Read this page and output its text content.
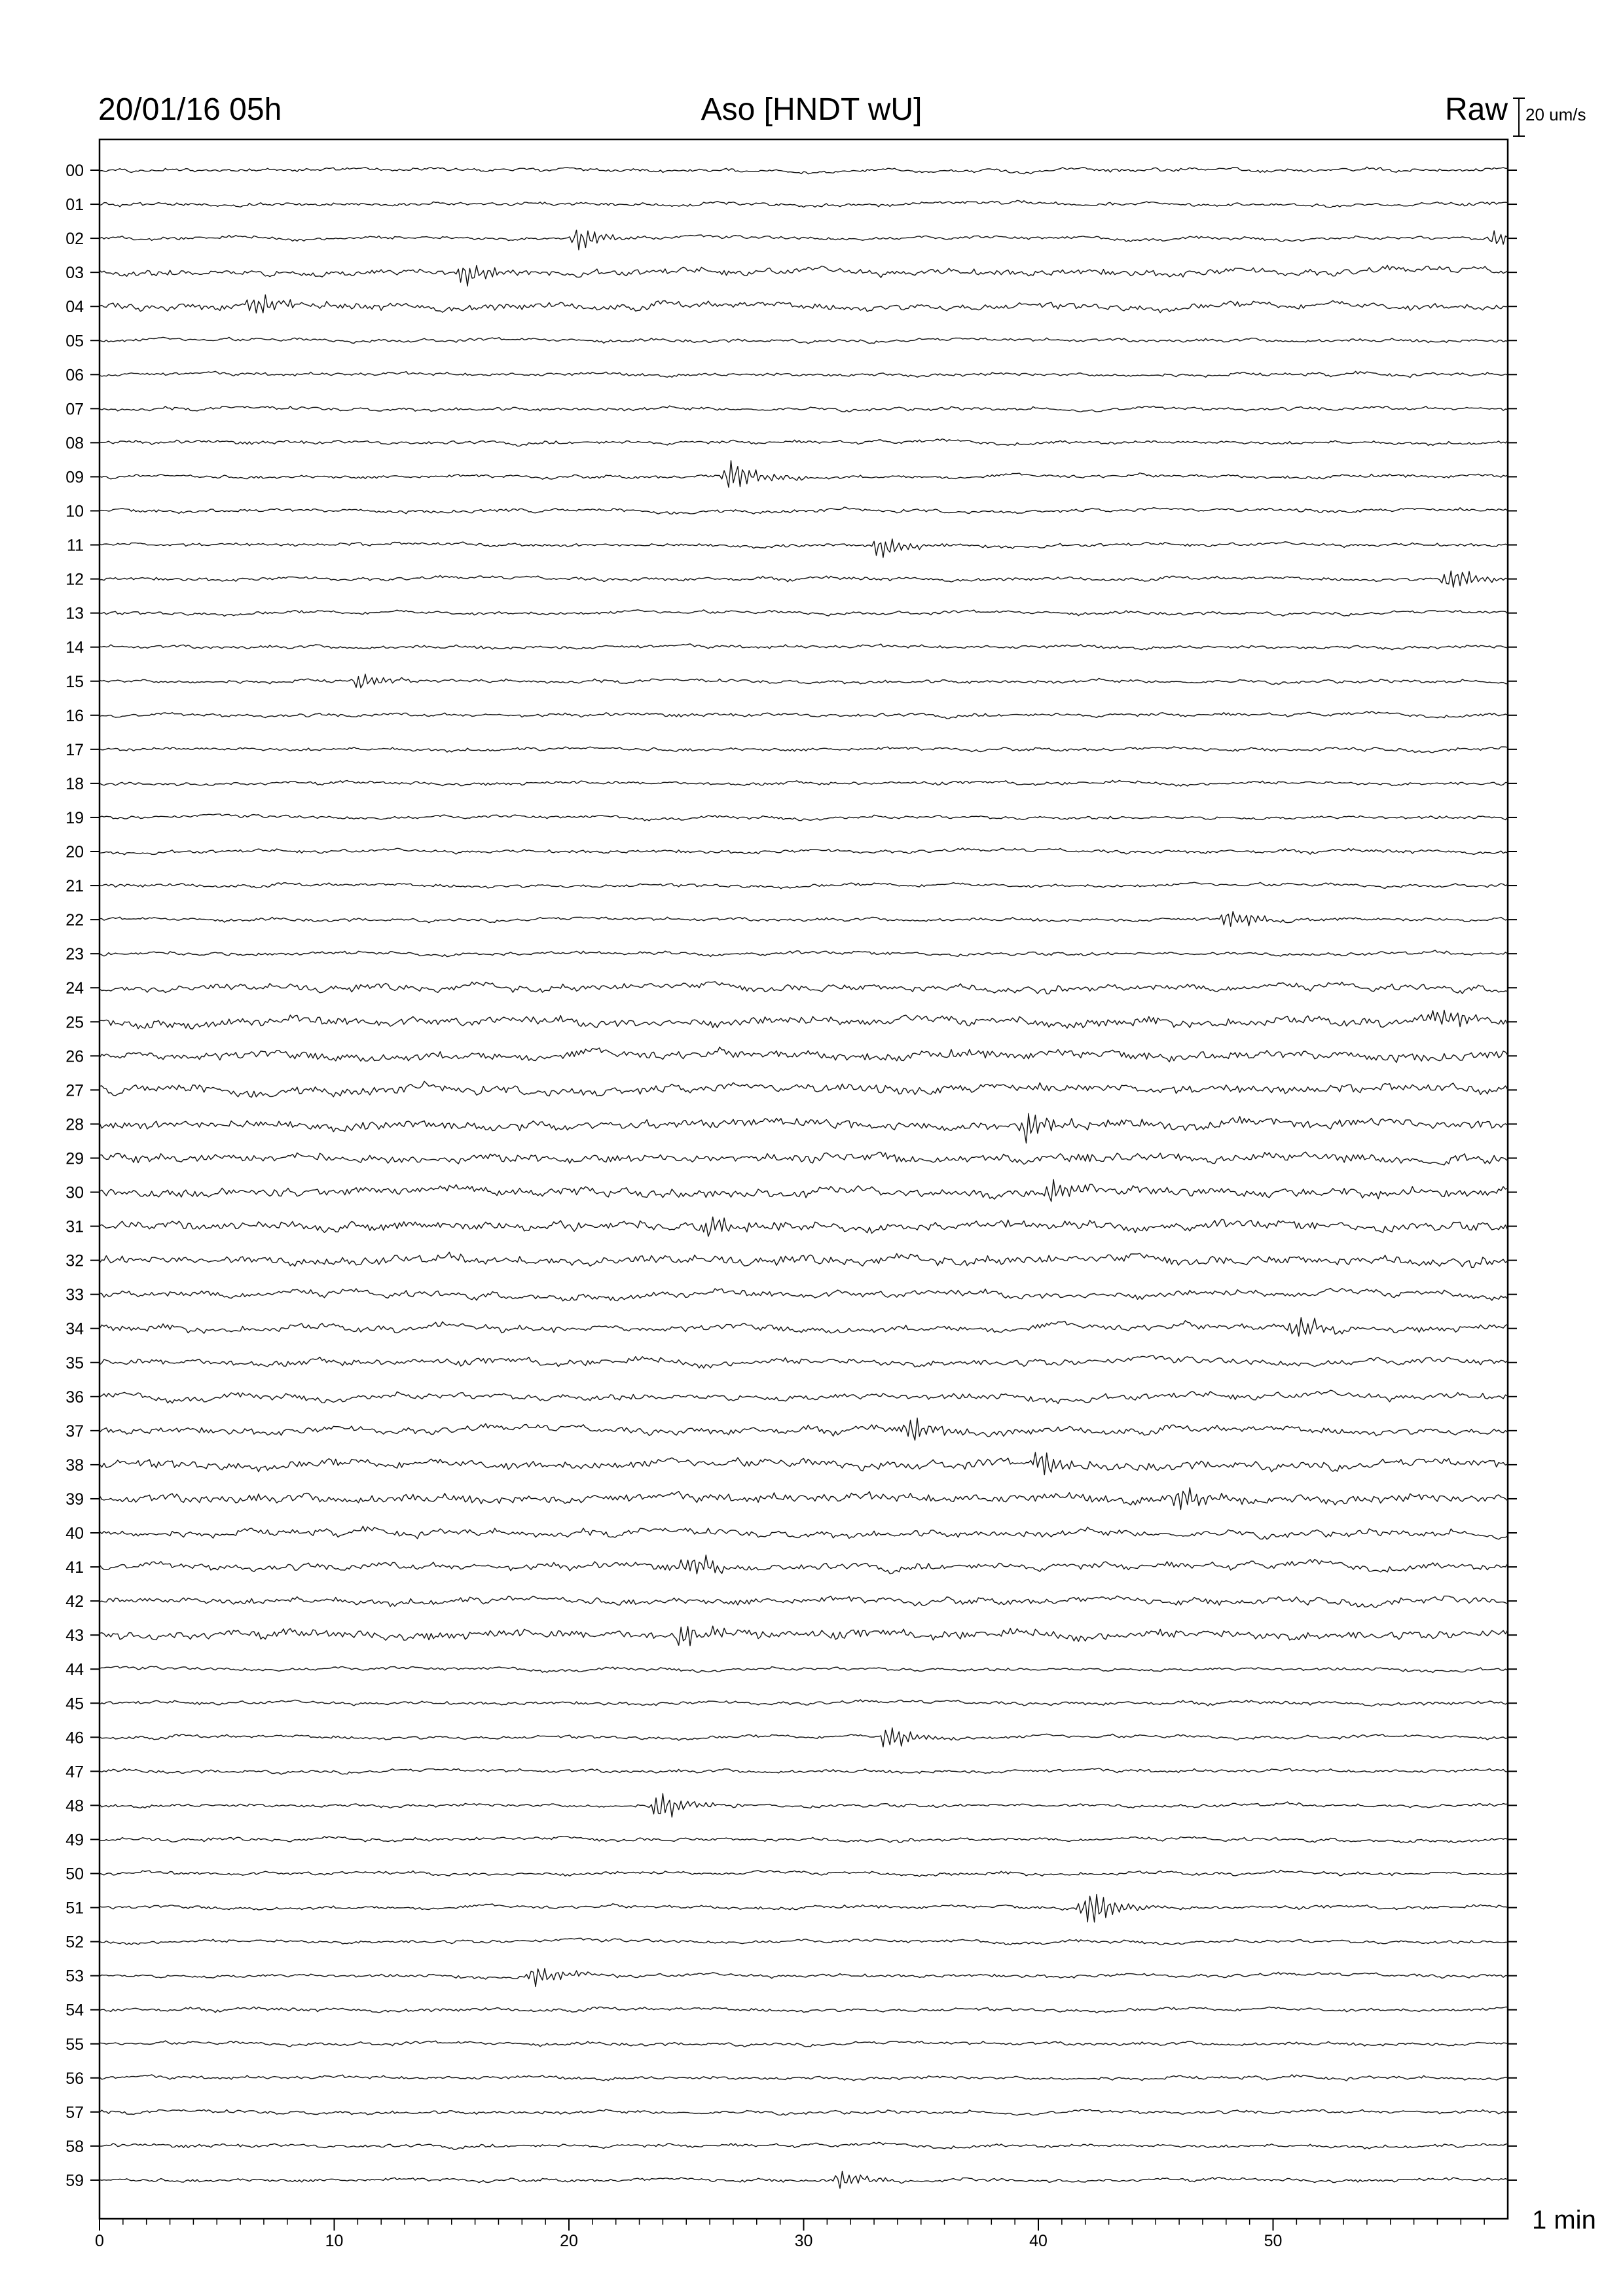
20/01/16 05h	Aso [HNDT wU]	Raw 20 um/s
1 min
00
01
02
03
04
05
06
07
08
09
10
11
12
13
14
15
16
17
18
19
20
21
22
23
24
25
26
27
28
29
30
31
32
33
34
35
36
37
38
39
40
41
42
43
44
45
46
47
48
49
50
51
52
53
54
55
56
57
58
59
0	10	20	30	40	50
